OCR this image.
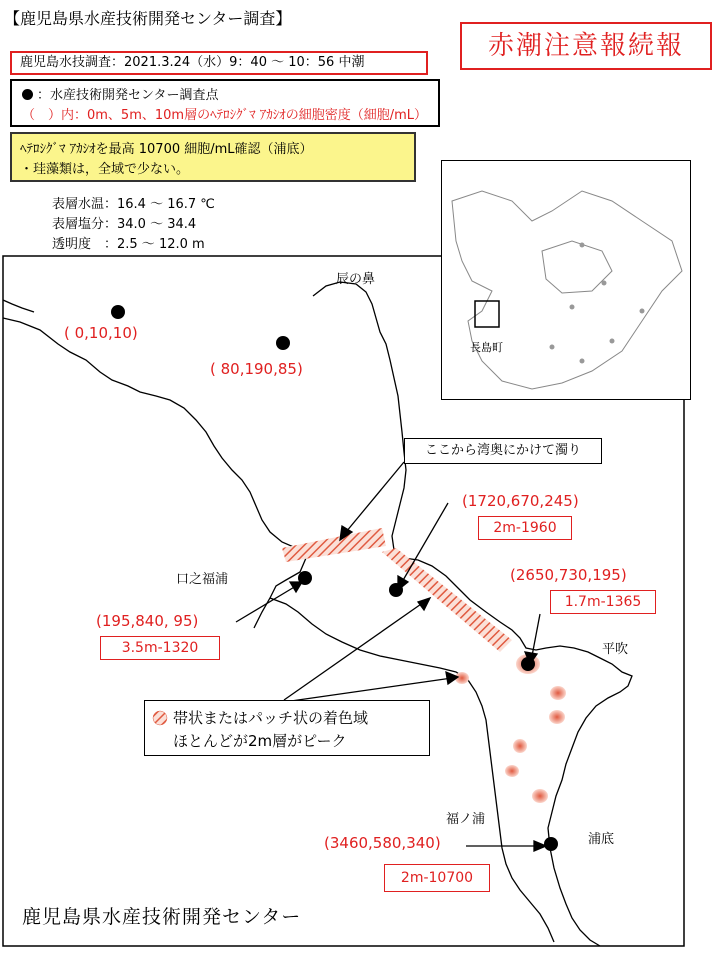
【鹿児島県水産技術開発センター調査】
赤潮注意報続報
鹿児島水技調査：2021.3.24（水）9：40 ～ 10：56 中潮
：水産技術開発センター調査点
（　）内：0m、5m、10m層のﾍﾃﾛｼｸﾞﾏ ｱｶｼｵの細胞密度（細胞/mL）
ﾍﾃﾛｼｸﾞﾏ ｱｶｼｵを最高 10700 細胞/mL確認（浦底）
・珪藻類は，全域で少ない。
表層水温：16.4 ～ 16.7 ℃
表層塩分：34.0 ～ 34.4
透明度　：2.5 ～ 12.0 m
長島町
辰の鼻
口之福浦
平吹
福ノ浦
浦底
( 0,10,10)
( 80,190,85)
(195,840, 95)
3.5m-1320
(1720,670,245)
2m-1960
(2650,730,195)
1.7m-1365
(3460,580,340)
2m-10700
ここから湾奥にかけて濁り
帯状またはパッチ状の着色域
ほとんどが2m層がピーク
鹿児島県水産技術開発センター
